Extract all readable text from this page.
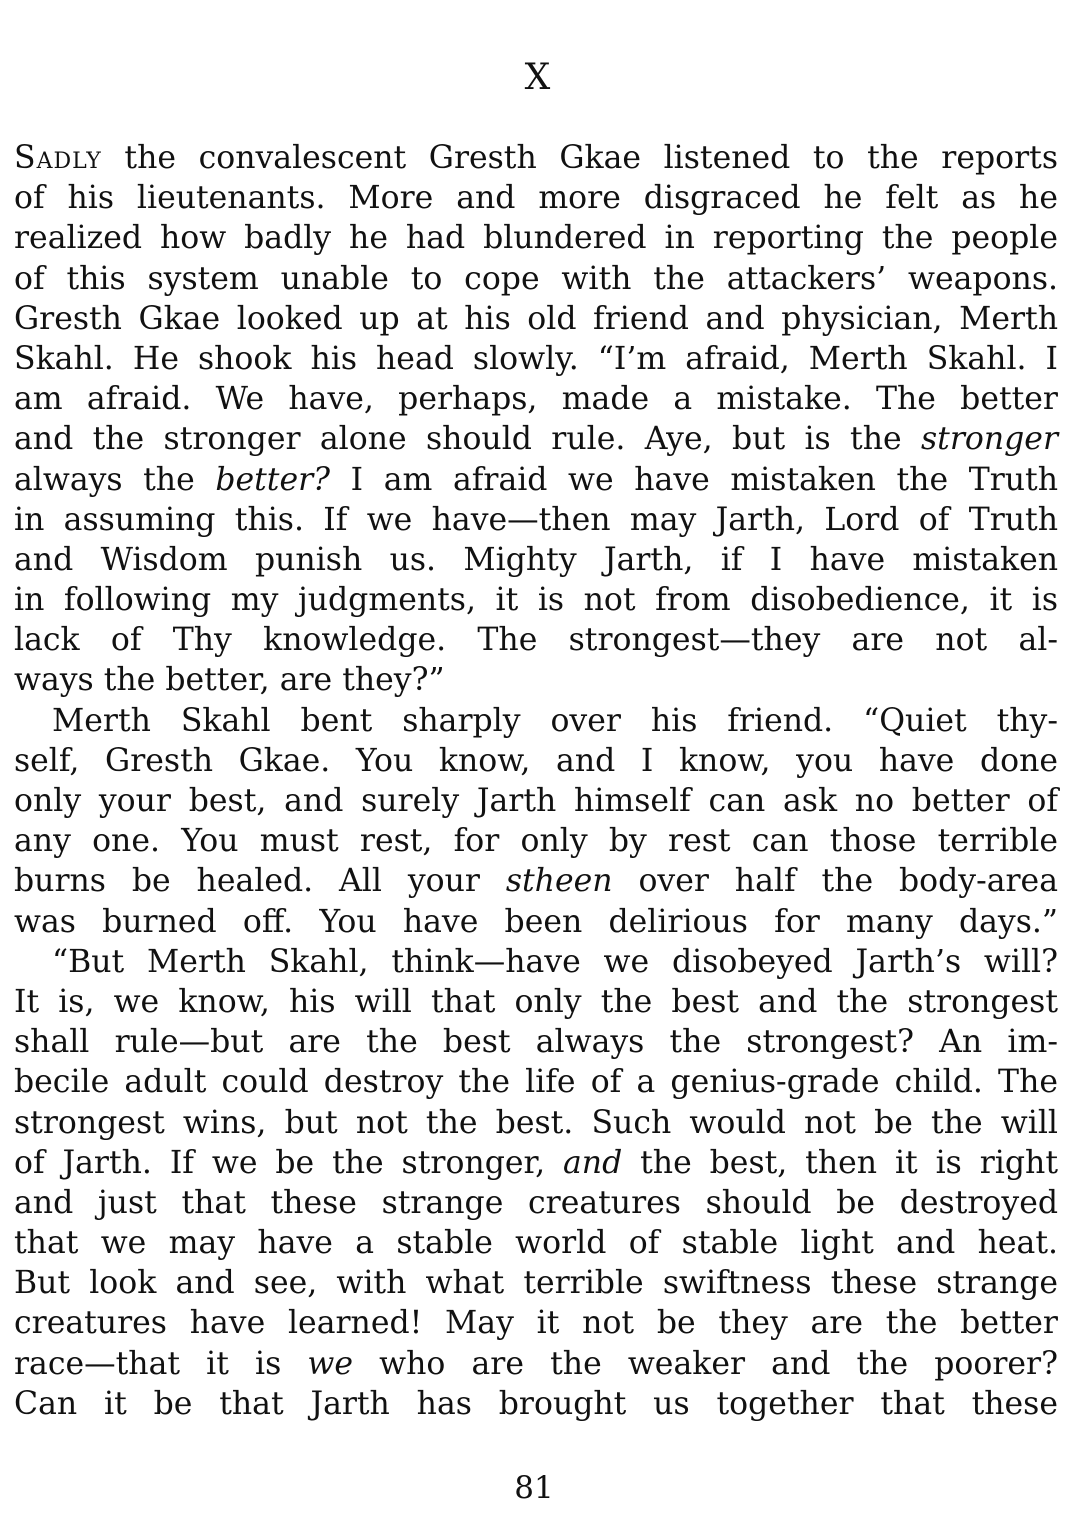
X
Sadly the convalescent Gresth Gkae listened to the reports
of his lieutenants. More and more disgraced he felt as he
realized how badly he had blundered in reporting the people
of this system unable to cope with the attackers’ weapons.
Gresth Gkae looked up at his old friend and physician, Merth
Skahl. He shook his head slowly. “I’m afraid, Merth Skahl. I
am afraid. We have, perhaps, made a mistake. The better
and the stronger alone should rule. Aye, but is the stronger
always the better? I am afraid we have mistaken the Truth
in assuming this. If we have—then may Jarth, Lord of Truth
and Wisdom punish us. Mighty Jarth, if I have mistaken
in following my judgments, it is not from disobedience, it is
lack of Thy knowledge. The strongest—they are not al-
ways the better, are they?”
Merth Skahl bent sharply over his friend. “Quiet thy-
self, Gresth Gkae. You know, and I know, you have done
only your best, and surely Jarth himself can ask no better of
any one. You must rest, for only by rest can those terrible
burns be healed. All your stheen over half the body-area
was burned off. You have been delirious for many days.”
“But Merth Skahl, think—have we disobeyed Jarth’s will?
It is, we know, his will that only the best and the strongest
shall rule—but are the best always the strongest? An im-
becile adult could destroy the life of a genius-grade child. The
strongest wins, but not the best. Such would not be the will
of Jarth. If we be the stronger, and the best, then it is right
and just that these strange creatures should be destroyed
that we may have a stable world of stable light and heat.
But look and see, with what terrible swiftness these strange
creatures have learned! May it not be they are the better
race—that it is we who are the weaker and the poorer?
Can it be that Jarth has brought us together that these
81
